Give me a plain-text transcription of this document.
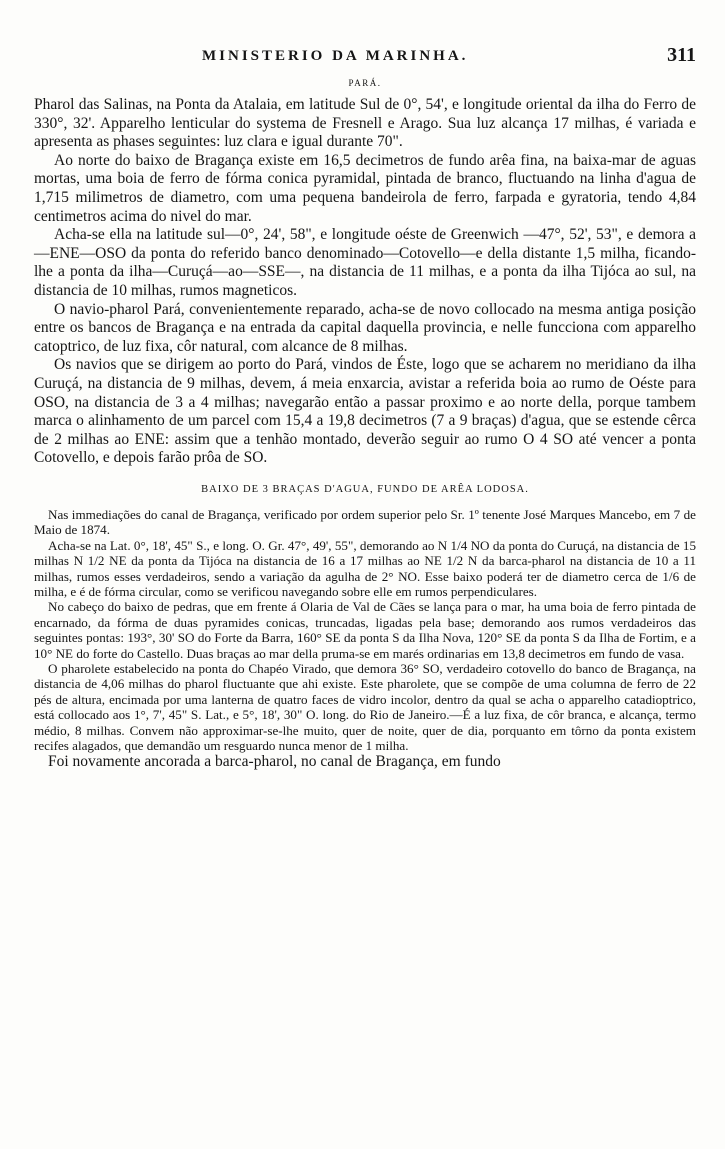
MINISTERIO DA MARINHA.	311
PARÁ.

Pharol das Salinas, na Ponta da Atalaia, em latitude Sul de 0°, 54', e longitude oriental da ilha do Ferro de 330°, 32'. Apparelho lenticular do systema de Fresnell e Arago. Sua luz alcança 17 milhas, é variada e apresenta as phases seguintes: luz clara e igual durante 70".

Ao norte do baixo de Bragança existe em 16,5 decimetros de fundo arêa fina, na baixa-mar de aguas mortas, uma boia de ferro de fórma conica pyramidal, pintada de branco, fluctuando na linha d'agua de 1,715 milimetros de diametro, com uma pequena bandeirola de ferro, farpada e gyratoria, tendo 4,84 centimetros acima do nivel do mar.

Acha-se ella na latitude sul—0°, 24', 58", e longitude oéste de Greenwich —47°, 52', 53", e demora a—ENE—OSO da ponta do referido banco denominado—Cotovello—e della distante 1,5 milha, ficando-lhe a ponta da ilha—Curuçá—ao—SSE—, na distancia de 11 milhas, e a ponta da ilha Tijóca ao sul, na distancia de 10 milhas, rumos magneticos.

O navio-pharol Pará, convenientemente reparado, acha-se de novo collocado na mesma antiga posição entre os bancos de Bragança e na entrada da capital daquella provincia, e nelle funcciona com apparelho catoptrico, de luz fixa, côr natural, com alcance de 8 milhas.

Os navios que se dirigem ao porto do Pará, vindos de Éste, logo que se acharem no meridiano da ilha Curuçá, na distancia de 9 milhas, devem, á meia enxarcia, avistar a referida boia ao rumo de Oéste para OSO, na distancia de 3 a 4 milhas; navegarão então a passar proximo e ao norte della, porque tambem marca o alinhamento de um parcel com 15,4 a 19,8 decimetros (7 a 9 braças) d'agua, que se estende cêrca de 2 milhas ao ENE: assim que a tenhão montado, deverão seguir ao rumo O 4 SO até vencer a ponta Cotovello, e depois farão prôa de SO.

BAIXO DE 3 BRAÇAS D'AGUA, FUNDO DE ARÊA LODOSA.

Nas immediações do canal de Bragança, verificado por ordem superior pelo Sr. 1º tenente José Marques Mancebo, em 7 de Maio de 1874.

Acha-se na Lat. 0°, 18', 45" S., e long. O. Gr. 47°, 49', 55", demorando ao N 1/4 NO da ponta do Curuçá, na distancia de 15 milhas N 1/2 NE da ponta da Tijóca na distancia de 16 a 17 milhas ao NE 1/2 N da barca-pharol na distancia de 10 a 11 milhas, rumos esses verdadeiros, sendo a variação da agulha de 2° NO. Esse baixo poderá ter de diametro cerca de 1/6 de milha, e é de fórma circular, como se verificou navegando sobre elle em rumos perpendiculares.

No cabeço do baixo de pedras, que em frente á Olaria de Val de Cães se lança para o mar, ha uma boia de ferro pintada de encarnado, da fórma de duas pyramides conicas, truncadas, ligadas pela base; demorando aos rumos verdadeiros das seguintes pontas: 193°, 30' SO do Forte da Barra, 160° SE da ponta S da Ilha Nova, 120° SE da ponta S da Ilha de Fortim, e a 10° NE do forte do Castello. Duas braças ao mar della pruma-se em marés ordinarias em 13,8 decimetros em fundo de vasa.

O pharolete estabelecido na ponta do Chapéo Virado, que demora 36° SO, verdadeiro cotovello do banco de Bragança, na distancia de 4,06 milhas do pharol fluctuante que ahi existe. Este pharolete, que se compõe de uma columna de ferro de 22 pés de altura, encimada por uma lanterna de quatro faces de vidro incolor, dentro da qual se acha o apparelho catadioptrico, está collocado aos 1°, 7', 45" S. Lat., e 5°, 18', 30" O. long. do Rio de Janeiro.—É a luz fixa, de côr branca, e alcança, termo médio, 8 milhas. Convem não approximar-se-lhe muito, quer de noite, quer de dia, porquanto em tôrno da ponta existem recifes alagados, que demandão um resguardo nunca menor de 1 milha.

Foi novamente ancorada a barca-pharol, no canal de Bragança, em fundo
